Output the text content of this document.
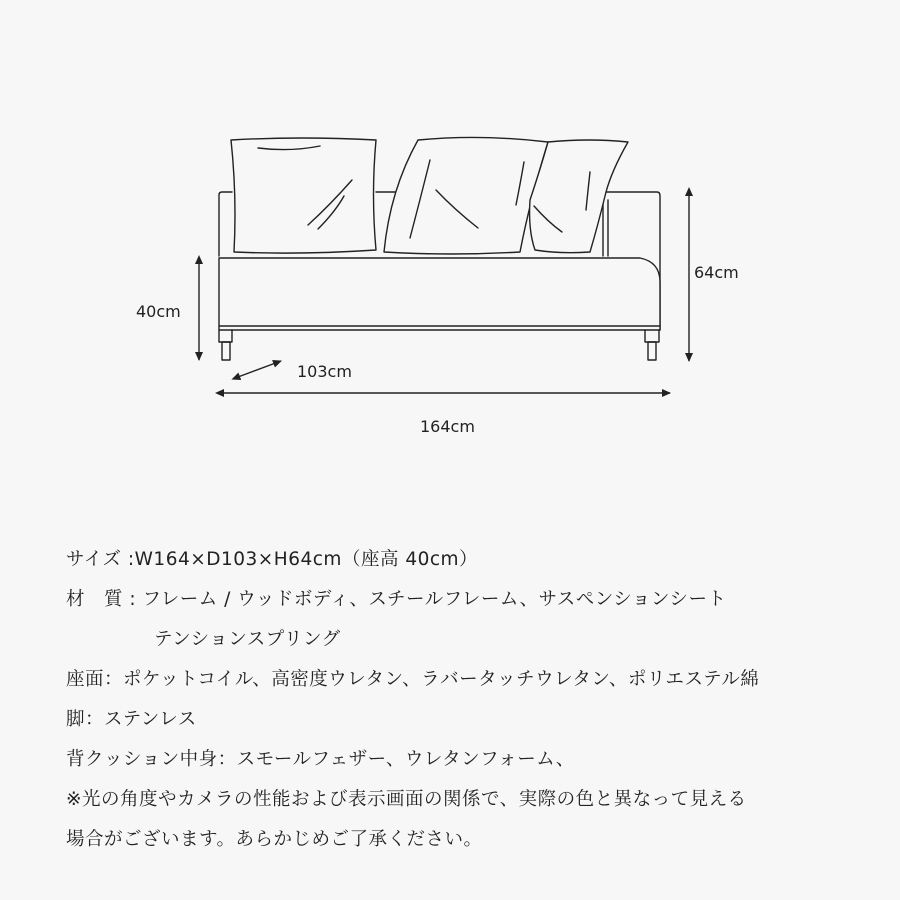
40cm
64cm
103cm
164cm
サイズ :W164×D103×H64cm（座高 40cm）
材　質 : フレーム / ウッドボディ、スチールフレーム、サスペンションシート
テンションスプリング
座面：ポケットコイル、高密度ウレタン、ラバータッチウレタン、ポリエステル綿
脚：ステンレス
背クッション中身：スモールフェザー、ウレタンフォーム、
※光の角度やカメラの性能および表示画面の関係で、実際の色と異なって見える
場合がございます。あらかじめご了承ください。
